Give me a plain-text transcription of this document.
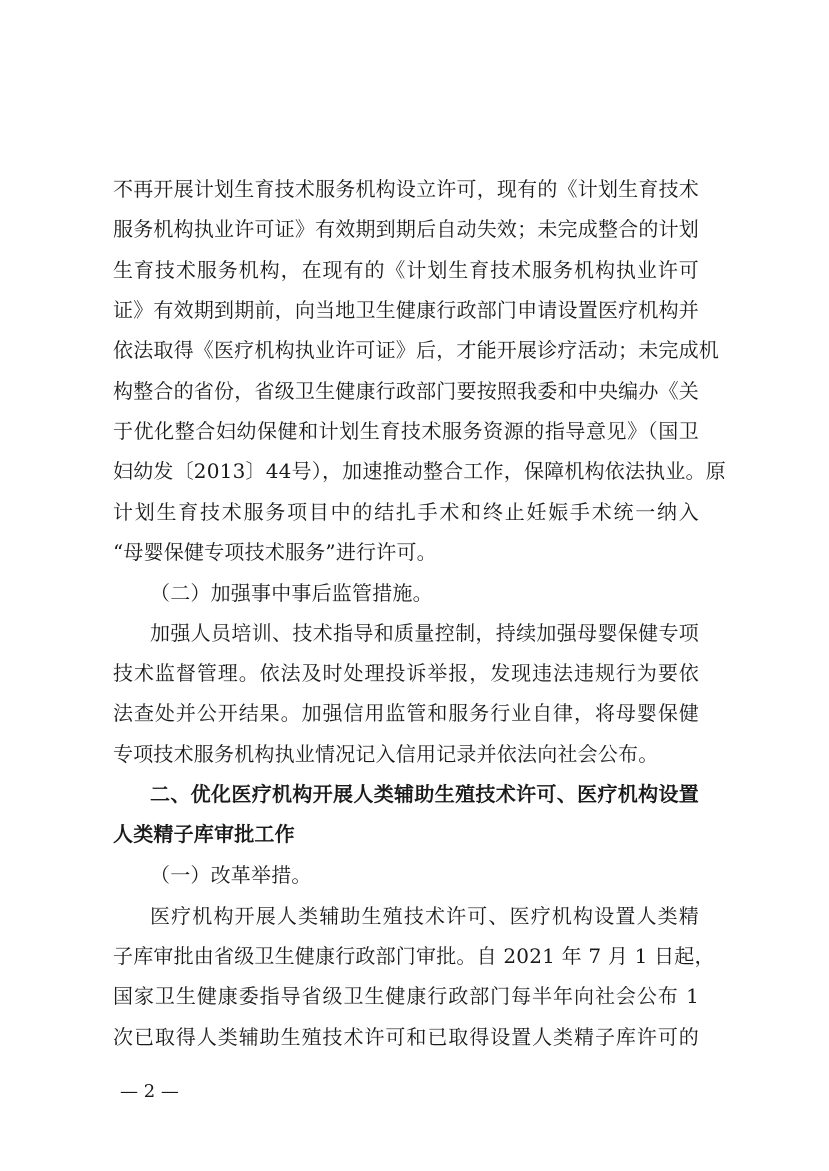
不再开展计划生育技术服务机构设立许可，现有的《计划生育技术
服务机构执业许可证》有效期到期后自动失效；未完成整合的计划
生育技术服务机构，在现有的《计划生育技术服务机构执业许可
证》有效期到期前，向当地卫生健康行政部门申请设置医疗机构并
依法取得《医疗机构执业许可证》后，才能开展诊疗活动；未完成机
构整合的省份，省级卫生健康行政部门要按照我委和中央编办《关
于优化整合妇幼保健和计划生育技术服务资源的指导意见》（国卫
妇幼发〔2013〕44号），加速推动整合工作，保障机构依法执业。原
计划生育技术服务项目中的结扎手术和终止妊娠手术统一纳入
“母婴保健专项技术服务”进行许可。
（二）加强事中事后监管措施。
加强人员培训、技术指导和质量控制，持续加强母婴保健专项
技术监督管理。依法及时处理投诉举报，发现违法违规行为要依
法查处并公开结果。加强信用监管和服务行业自律，将母婴保健
专项技术服务机构执业情况记入信用记录并依法向社会公布。
二、优化医疗机构开展人类辅助生殖技术许可、医疗机构设置
人类精子库审批工作
（一）改革举措。
医疗机构开展人类辅助生殖技术许可、医疗机构设置人类精
子库审批由省级卫生健康行政部门审批。自 2021 年 7 月 1 日起，
国家卫生健康委指导省级卫生健康行政部门每半年向社会公布 1
次已取得人类辅助生殖技术许可和已取得设置人类精子库许可的
— 2 —
